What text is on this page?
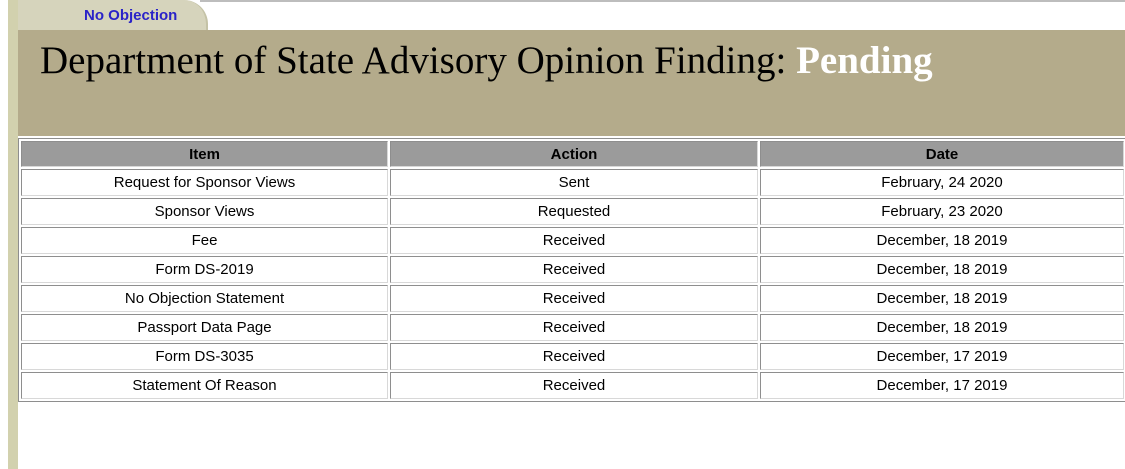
No Objection
Department of State Advisory Opinion Finding: Pending
Item	Action	Date
Request for Sponsor Views	Sent	February, 24 2020
Sponsor Views	Requested	February, 23 2020
Fee	Received	December, 18 2019
Form DS-2019	Received	December, 18 2019
No Objection Statement	Received	December, 18 2019
Passport Data Page	Received	December, 18 2019
Form DS-3035	Received	December, 17 2019
Statement Of Reason	Received	December, 17 2019
